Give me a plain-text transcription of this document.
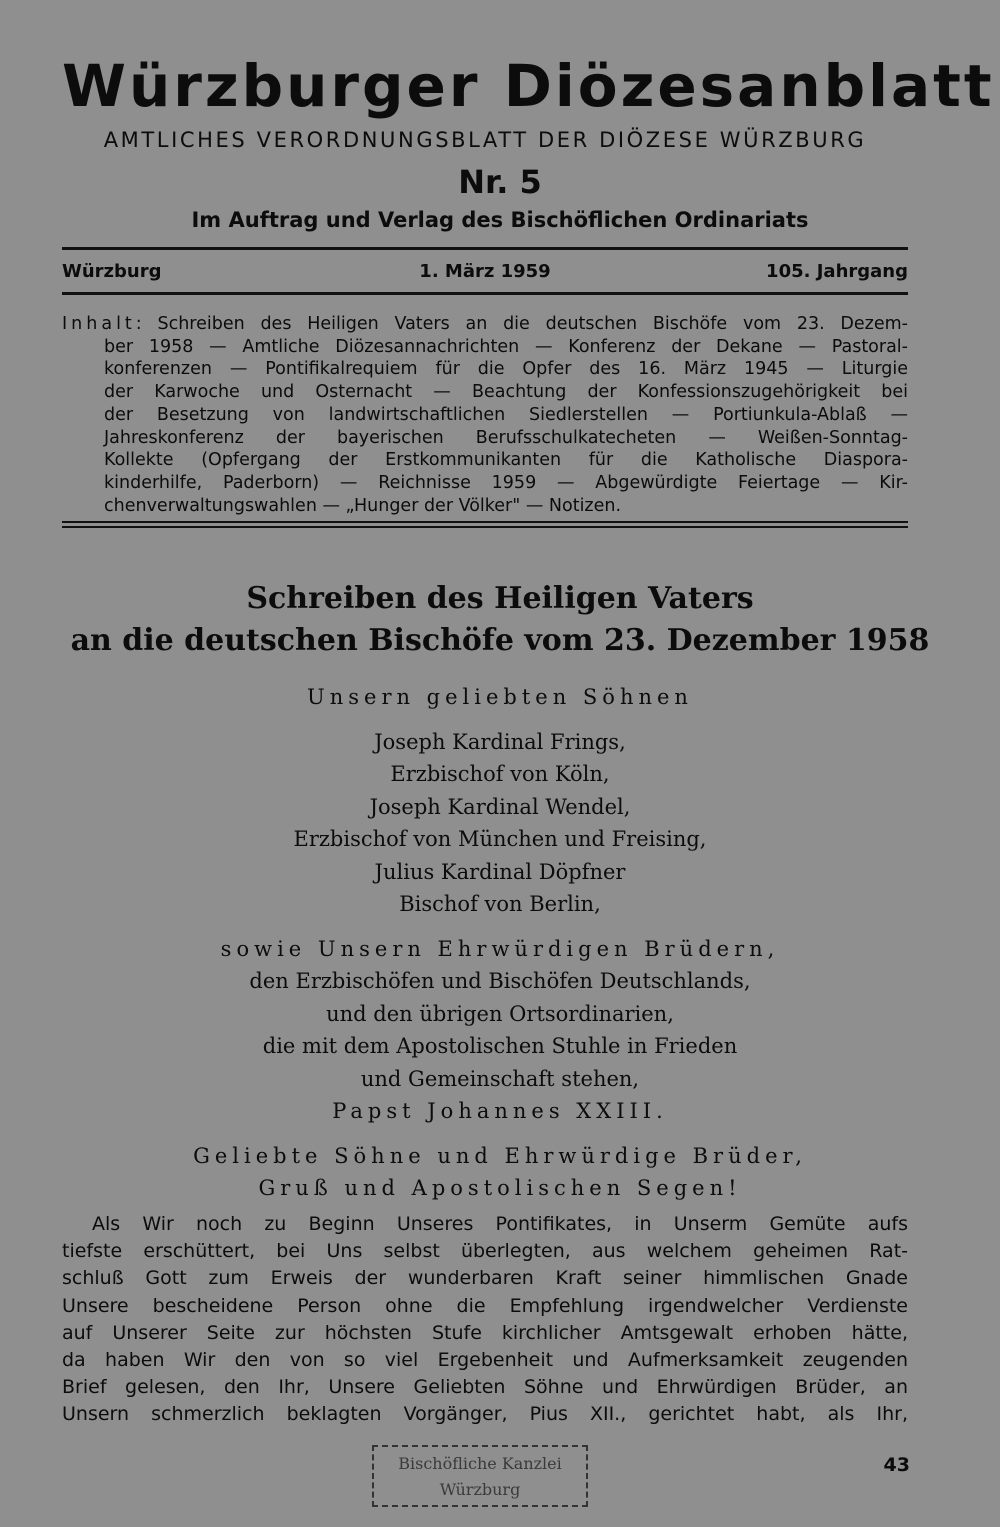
Würzburger Diözesanblatt
AMTLICHES VERORDNUNGSBLATT DER DIÖZESE WÜRZBURG
Nr. 5
Im Auftrag und Verlag des Bischöflichen Ordinariats
Würzburg	1. März 1959	105. Jahrgang
Inhalt: Schreiben des Heiligen Vaters an die deutschen Bischöfe vom 23. Dezem-
ber 1958 — Amtliche Diözesannachrichten — Konferenz der Dekane — Pastoral-
konferenzen — Pontifikalrequiem für die Opfer des 16. März 1945 — Liturgie
der Karwoche und Osternacht — Beachtung der Konfessionszugehörigkeit bei
der Besetzung von landwirtschaftlichen Siedlerstellen — Portiunkula-Ablaß —
Jahreskonferenz der bayerischen Berufsschulkatecheten — Weißen-Sonntag-
Kollekte (Opfergang der Erstkommunikanten für die Katholische Diaspora-
kinderhilfe, Paderborn) — Reichnisse 1959 — Abgewürdigte Feiertage — Kir-
chenverwaltungswahlen — „Hunger der Völker" — Notizen.
Schreiben des Heiligen Vaters
an die deutschen Bischöfe vom 23. Dezember 1958
Unsern geliebten Söhnen
Joseph Kardinal Frings,
Erzbischof von Köln,
Joseph Kardinal Wendel,
Erzbischof von München und Freising,
Julius Kardinal Döpfner
Bischof von Berlin,
sowie Unsern Ehrwürdigen Brüdern,
den Erzbischöfen und Bischöfen Deutschlands,
und den übrigen Ortsordinarien,
die mit dem Apostolischen Stuhle in Frieden
und Gemeinschaft stehen,
Papst Johannes XXIII.
Geliebte Söhne und Ehrwürdige Brüder,
Gruß und Apostolischen Segen!
Als Wir noch zu Beginn Unseres Pontifikates, in Unserm Gemüte aufs
tiefste erschüttert, bei Uns selbst überlegten, aus welchem geheimen Rat-
schluß Gott zum Erweis der wunderbaren Kraft seiner himmlischen Gnade
Unsere bescheidene Person ohne die Empfehlung irgendwelcher Verdienste
auf Unserer Seite zur höchsten Stufe kirchlicher Amtsgewalt erhoben hätte,
da haben Wir den von so viel Ergebenheit und Aufmerksamkeit zeugenden
Brief gelesen, den Ihr, Unsere Geliebten Söhne und Ehrwürdigen Brüder, an
Unsern schmerzlich beklagten Vorgänger, Pius XII., gerichtet habt, als Ihr,
Bischöfliche Kanzlei
Würzburg
43
